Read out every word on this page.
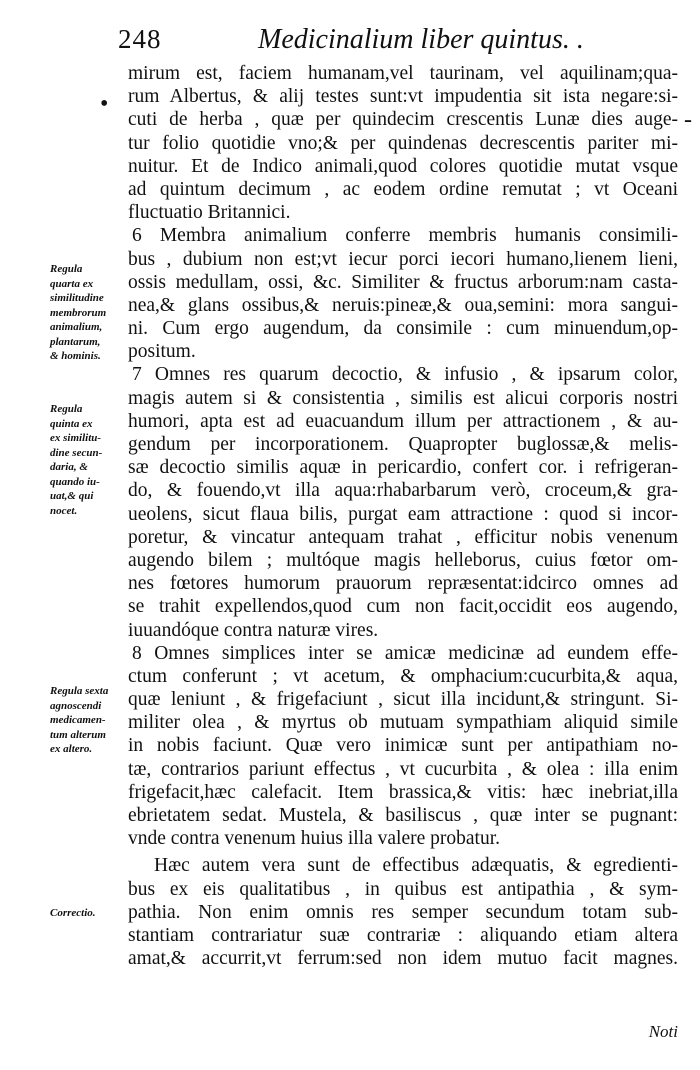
248	Medicinalium liber quintus. .
•
-
mirum est, faciem humanam,vel taurinam, vel aquilinam;qua-
rum Albertus, & alij testes sunt:vt impudentia sit ista negare:si-
cuti de herba , quæ per quindecim crescentis Lunæ dies auge-
tur folio quotidie vno;& per quindenas decrescentis pariter mi-
nuitur. Et de Indico animali,quod colores quotidie mutat vsque
ad quintum decimum , ac eodem ordine remutat ; vt Oceani
fluctuatio Britannici.
6 Membra animalium conferre membris humanis consimili-
bus , dubium non est;vt iecur porci iecori humano,lienem lieni,
ossis medullam, ossi, &c. Similiter & fructus arborum:nam casta-
nea,& glans ossibus,& neruis:pineæ,& oua,semini: mora sangui-
ni. Cum ergo augendum, da consimile : cum minuendum,op-
positum.
7 Omnes res quarum decoctio, & infusio , & ipsarum color,
magis autem si & consistentia , similis est alicui corporis nostri
humori, apta est ad euacuandum illum per attractionem , & au-
gendum per incorporationem. Quapropter buglossæ,& melis-
sæ decoctio similis aquæ in pericardio, confert cor. i refrigeran-
do, & fouendo,vt illa aqua:rhabarbarum verò, croceum,& gra-
ueolens, sicut flaua bilis, purgat eam attractione : quod si incor-
poretur, & vincatur antequam trahat , efficitur nobis venenum
augendo bilem ; multóque magis helleborus, cuius fœtor om-
nes fœtores humorum prauorum repræsentat:idcirco omnes ad
se trahit expellendos,quod cum non facit,occidit eos augendo,
iuuandóque contra naturæ vires.
8 Omnes simplices inter se amicæ medicinæ ad eundem effe-
ctum conferunt ; vt acetum, & omphacium:cucurbita,& aqua,
quæ leniunt , & frigefaciunt , sicut illa incidunt,& stringunt. Si-
militer olea , & myrtus ob mutuam sympathiam aliquid simile
in nobis faciunt. Quæ vero inimicæ sunt per antipathiam no-
tæ, contrarios pariunt effectus , vt cucurbita , & olea : illa enim
frigefacit,hæc calefacit. Item brassica,& vitis: hæc inebriat,illa
ebrietatem sedat. Mustela, & basiliscus , quæ inter se pugnant:
vnde contra venenum huius illa valere probatur.
Hæc autem vera sunt de effectibus adæquatis, & egredienti-
bus ex eis qualitatibus , in quibus est antipathia , & sym-
pathia. Non enim omnis res semper secundum totam sub-
stantiam contrariatur suæ contrariæ : aliquando etiam altera
amat,& accurrit,vt ferrum:sed non idem mutuo facit magnes.
Regula
quarta ex
similitudine
membrorum
animalium,
plantarum,
& hominis.
Regula
quinta ex
ex similitu-
dine secun-
daria, &
quando iu-
uat,& qui
nocet.
Regula sexta
agnoscendi
medicamen-
tum alterum
ex altero.
Correctio.
Noti
